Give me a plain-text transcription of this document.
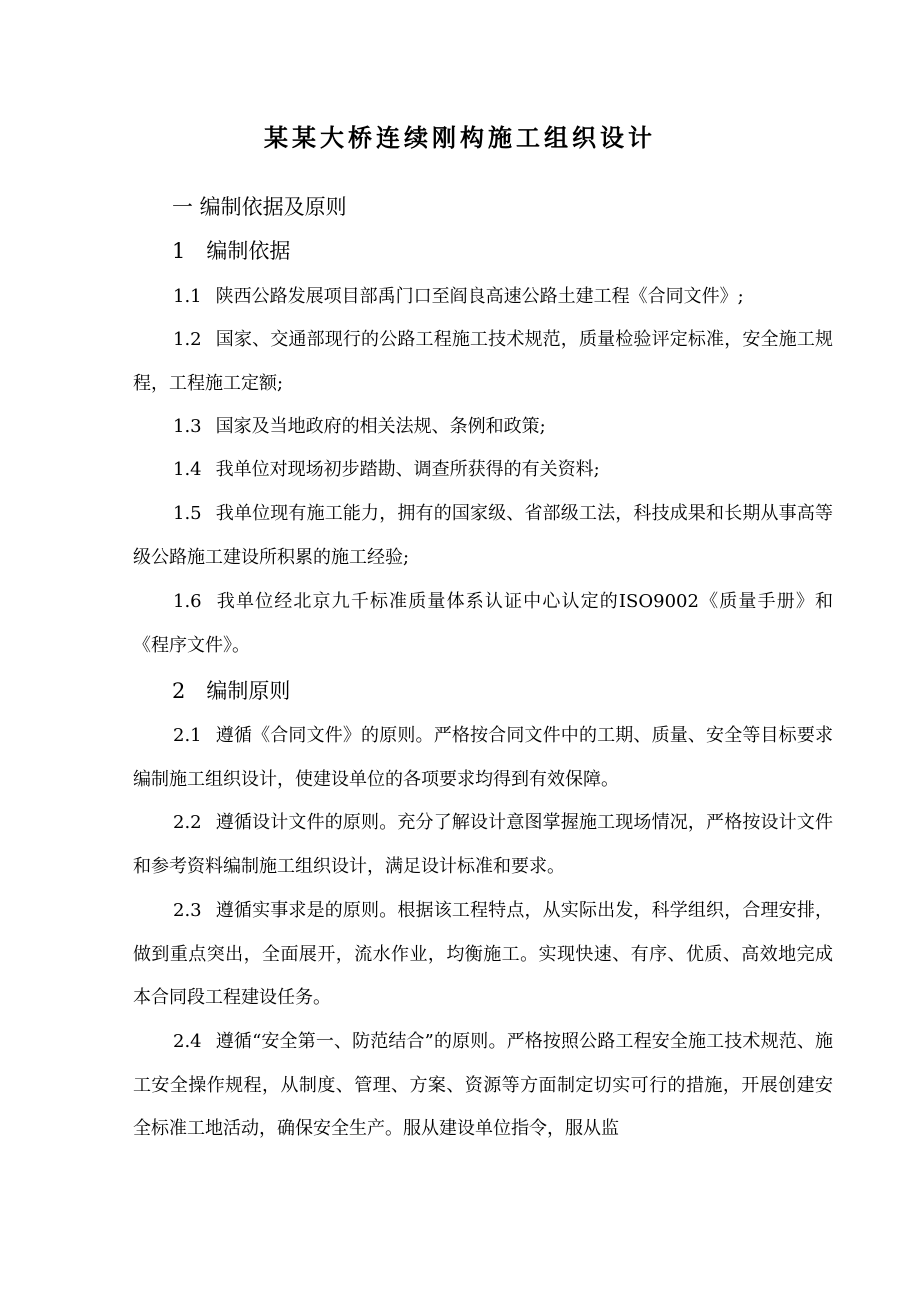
某某大桥连续刚构施工组织设计
一 编制依据及原则
1　编制依据
1.1 陕西公路发展项目部禹门口至阎良高速公路土建工程《合同文件》;
1.2 国家、交通部现行的公路工程施工技术规范，质量检验评定标准，安全施工规程，工程施工定额;
1.3 国家及当地政府的相关法规、条例和政策;
1.4 我单位对现场初步踏勘、调查所获得的有关资料;
1.5 我单位现有施工能力，拥有的国家级、省部级工法，科技成果和长期从事高等级公路施工建设所积累的施工经验;
1.6 我单位经北京九千标准质量体系认证中心认定的ISO9002《质量手册》和《程序文件》。
2　编制原则
2.1 遵循《合同文件》的原则。严格按合同文件中的工期、质量、安全等目标要求编制施工组织设计，使建设单位的各项要求均得到有效保障。
2.2 遵循设计文件的原则。充分了解设计意图掌握施工现场情况，严格按设计文件和参考资料编制施工组织设计，满足设计标准和要求。
2.3 遵循实事求是的原则。根据该工程特点，从实际出发，科学组织，合理安排，做到重点突出，全面展开，流水作业，均衡施工。实现快速、有序、优质、高效地完成本合同段工程建设任务。
2.4 遵循“安全第一、防范结合”的原则。严格按照公路工程安全施工技术规范、施工安全操作规程，从制度、管理、方案、资源等方面制定切实可行的措施，开展创建安全标准工地活动，确保安全生产。服从建设单位指令，服从监
